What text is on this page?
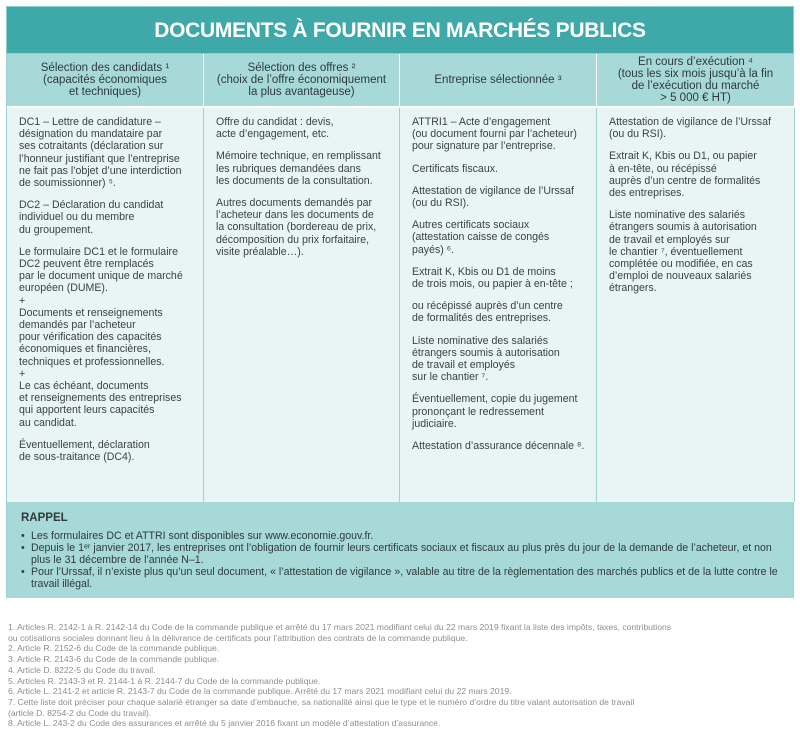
DOCUMENTS À FOURNIR EN MARCHÉS PUBLICS
Sélection des candidats ¹
(capacités économiques
et techniques)
Sélection des offres ²
(choix de l’offre économiquement
la plus avantageuse)
Entreprise sélectionnée ³
En cours d’exécution ⁴
(tous les six mois jusqu’à la fin
de l’exécution du marché
> 5 000 € HT)

DC1 – Lettre de candidature –
désignation du mandataire par
ses cotraitants (déclaration sur
l’honneur justifiant que l’entreprise
ne fait pas l’objet d’une interdiction
de soumissionner) ⁵.

DC2 – Déclaration du candidat
individuel ou du membre
du groupement.

Le formulaire DC1 et le formulaire
DC2 peuvent être remplacés
par le document unique de marché
européen (DUME).

+

Documents et renseignements
demandés par l’acheteur
pour vérification des capacités
économiques et financières,
techniques et professionnelles.

+

Le cas échéant, documents
et renseignements des entreprises
qui apportent leurs capacités
au candidat.

Éventuellement, déclaration
de sous-traitance (DC4).

Offre du candidat : devis,
acte d’engagement, etc.

Mémoire technique, en remplissant
les rubriques demandées dans
les documents de la consultation.

Autres documents demandés par
l’acheteur dans les documents de
la consultation (bordereau de prix,
décomposition du prix forfaitaire,
visite préalable…).

ATTRI1 – Acte d’engagement
(ou document fourni par l’acheteur)
pour signature par l’entreprise.

Certificats fiscaux.

Attestation de vigilance de l’Urssaf
(ou du RSI).

Autres certificats sociaux
(attestation caisse de congés
payés) ⁶.

Extrait K, Kbis ou D1 de moins
de trois mois, ou papier à en-tête ;

ou récépissé auprès d’un centre
de formalités des entreprises.

Liste nominative des salariés
étrangers soumis à autorisation
de travail et employés
sur le chantier ⁷.

Éventuellement, copie du jugement
prononçant le redressement
judiciaire.

Attestation d’assurance décennale ⁸.

Attestation de vigilance de l’Urssaf
(ou du RSI).

Extrait K, Kbis ou D1, ou papier
à en-tête, ou récépissé
auprès d’un centre de formalités
des entreprises.

Liste nominative des salariés
étrangers soumis à autorisation
de travail et employés sur
le chantier ⁷, éventuellement
complétée ou modifiée, en cas
d’emploi de nouveaux salariés
étrangers.

RAPPEL
• Les formulaires DC et ATTRI sont disponibles sur www.economie.gouv.fr.
• Depuis le 1ᵉʳ janvier 2017, les entreprises ont l’obligation de fournir leurs certificats sociaux et fiscaux au plus près du jour de la demande de l’acheteur, et non plus le 31 décembre de l’année N–1.
• Pour l’Urssaf, il n’existe plus qu’un seul document, « l’attestation de vigilance », valable au titre de la règlementation des marchés publics et de la lutte contre le travail illégal.
1. Articles R. 2142-1 à R. 2142-14 du Code de la commande publique et arrêté du 17 mars 2021 modifiant celui du 22 mars 2019 fixant la liste des impôts, taxes, contributions
ou cotisations sociales donnant lieu à la délivrance de certificats pour l’attribution des contrats de la commande publique.
2. Article R. 2152-6 du Code de la commande publique.
3. Article R. 2143-6 du Code de la commande publique.
4. Article D. 8222-5 du Code du travail.
5. Articles R. 2143-3 et R. 2144-1 à R. 2144-7 du Code de la commande publique.
6. Article L. 2141-2 et article R. 2143-7 du Code de la commande publique. Arrêté du 17 mars 2021 modifiant celui du 22 mars 2019.
7. Cette liste doit préciser pour chaque salarié étranger sa date d’embauche, sa nationalité ainsi que le type et le numéro d’ordre du titre valant autorisation de travail
(article D. 8254-2 du Code du travail).
8. Article L. 243-2 du Code des assurances et arrêté du 5 janvier 2016 fixant un modèle d’attestation d’assurance.
